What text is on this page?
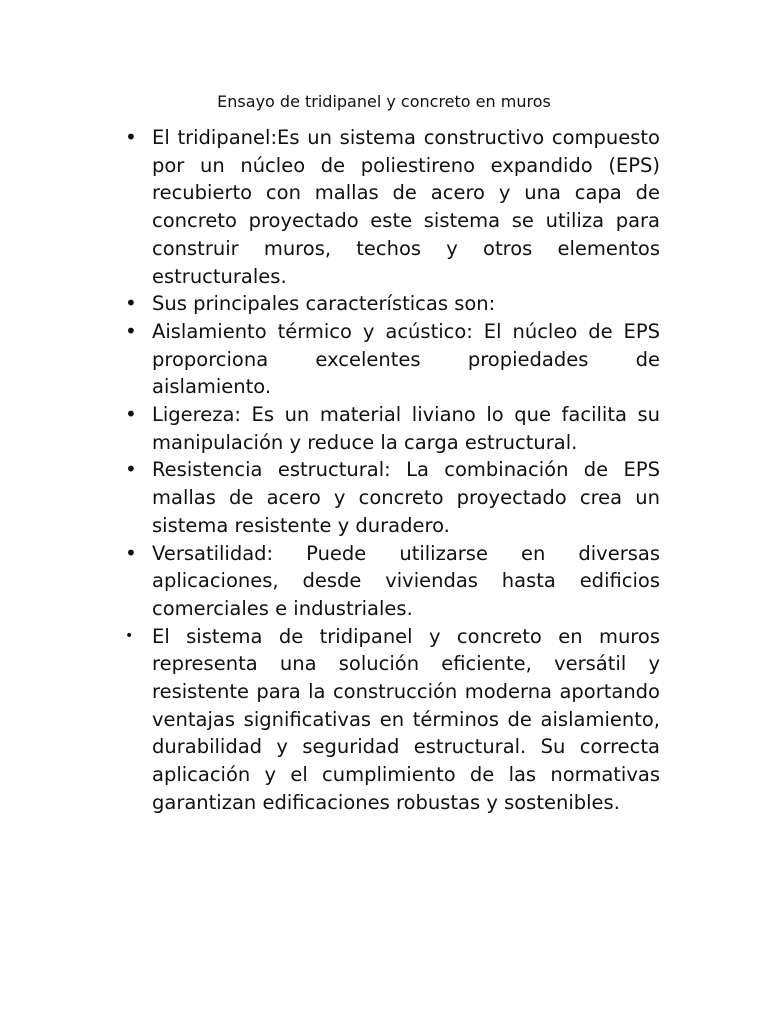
Ensayo de tridipanel y concreto en muros
• El tridipanel:Es un sistema constructivo compuesto por un núcleo de poliestireno expandido (EPS) recubierto con mallas de acero y una capa de concreto proyectado este sistema se utiliza para construir muros, techos y otros elementos estructurales.
• Sus principales características son:
• Aislamiento térmico y acústico: El núcleo de EPS proporciona excelentes propiedades de aislamiento.
• Ligereza: Es un material liviano lo que facilita su manipulación y reduce la carga estructural.
• Resistencia estructural: La combinación de EPS mallas de acero y concreto proyectado crea un sistema resistente y duradero.
• Versatilidad: Puede utilizarse en diversas aplicaciones, desde viviendas hasta edificios comerciales e industriales.
• El sistema de tridipanel y concreto en muros representa una solución eficiente, versátil y resistente para la construcción moderna aportando ventajas significativas en términos de aislamiento, durabilidad y seguridad estructural. Su correcta aplicación y el cumplimiento de las normativas garantizan edificaciones robustas y sostenibles.
